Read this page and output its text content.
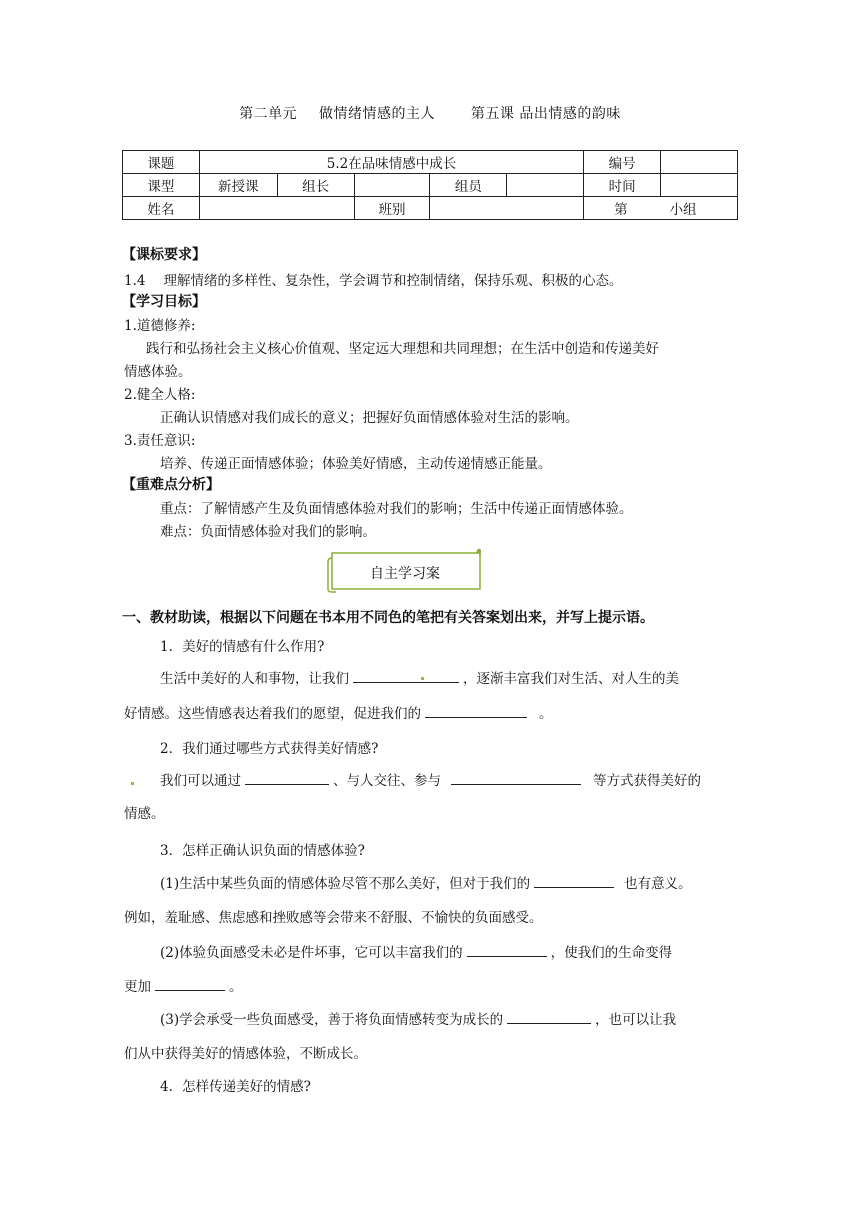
第二单元 做情绪情感的主人	第五课 品出情感的韵味
课题	5.2在品味情感中成长					编号	
课型	新授课	组长		组员		时间	
姓名			班别			第 小组	
【课标要求】
1.4 理解情绪的多样性、复杂性，学会调节和控制情绪，保持乐观、积极的心态。
【学习目标】
1.道德修养:
践行和弘扬社会主义核心价值观、坚定远大理想和共同理想；在生活中创造和传递美好
情感体验。
2.健全人格:
正确认识情感对我们成长的意义；把握好负面情感体验对生活的影响。
3.责任意识:
培养、传递正面情感体验；体验美好情感，主动传递情感正能量。
【重难点分析】
重点：了解情感产生及负面情感体验对我们的影响；生活中传递正面情感体验。
难点：负面情感体验对我们的影响。
自主学习案
一、教材助读，根据以下问题在书本用不同色的笔把有关答案划出来，并写上提示语。
1．美好的情感有什么作用?
生活中美好的人和事物，让我们	，逐渐丰富我们对生活、对人生的美
好情感。这些情感表达着我们的愿望，促进我们的	。
2．我们通过哪些方式获得美好情感?
我们可以通过	、与人交往、参与	等方式获得美好的
情感。
3．怎样正确认识负面的情感体验?
(1)生活中某些负面的情感体验尽管不那么美好，但对于我们的	也有意义。
例如，羞耻感、焦虑感和挫败感等会带来不舒服、不愉快的负面感受。
(2)体验负面感受未必是件坏事，它可以丰富我们的	，使我们的生命变得
更加	。
(3)学会承受一些负面感受，善于将负面情感转变为成长的	，也可以让我
们从中获得美好的情感体验，不断成长。
4．怎样传递美好的情感?
